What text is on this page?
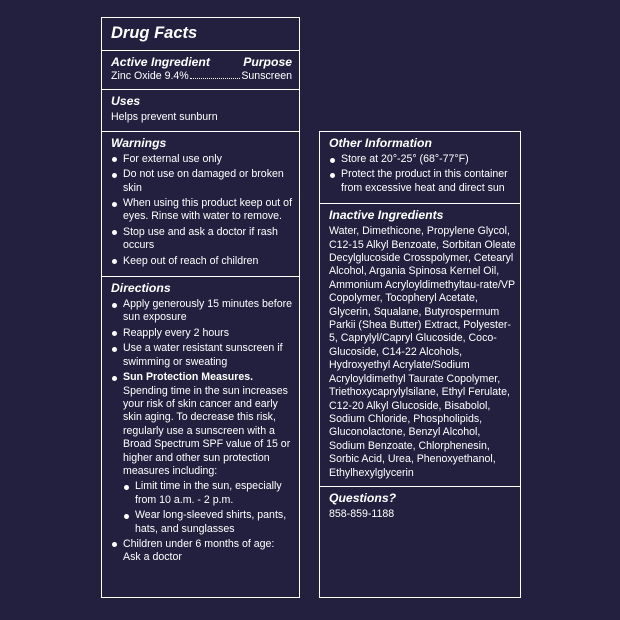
Drug Facts
Active Ingredient	Purpose
Zinc Oxide 9.4%	Sunscreen
Uses
Helps prevent sunburn
Warnings
For external use only
Do not use on damaged or broken skin
When using this product keep out of eyes. Rinse with water to remove.
Stop use and ask a doctor if rash occurs
Keep out of reach of children
Directions
Apply generously 15 minutes before sun exposure
Reapply every 2 hours
Use a water resistant sunscreen if swimming or sweating
Sun Protection Measures.
Spending time in the sun increases your risk of skin cancer and early skin aging. To decrease this risk, regularly use a sunscreen with a Broad Spectrum SPF value of 15 or higher and other sun protection measures including:
Limit time in the sun, especially from 10 a.m. - 2 p.m.
Wear long-sleeved shirts, pants, hats, and sunglasses
Children under 6 months of age: Ask a doctor
Other Information
Store at 20°-25° (68°-77°F)
Protect the product in this container from excessive heat and direct sun
Inactive Ingredients
Water, Dimethicone, Propylene Glycol, C12-15 Alkyl Benzoate, Sorbitan Oleate Decylglucoside Crosspolymer, Cetearyl Alcohol, Argania Spinosa Kernel Oil, Ammonium Acryloyldimethyltau-rate/VP Copolymer, Tocopheryl Acetate, Glycerin, Squalane, Butyrospermum Parkii (Shea Butter) Extract, Polyester-5, Caprylyl/Capryl Glucoside, Coco-Glucoside, C14-22 Alcohols, Hydroxyethyl Acrylate/Sodium Acryloyldimethyl Taurate Copolymer, Triethoxycaprylylsilane, Ethyl Ferulate, C12-20 Alkyl Glucoside, Bisabolol, Sodium Chloride, Phospholipids, Gluconolactone, Benzyl Alcohol, Sodium Benzoate, Chlorphenesin, Sorbic Acid, Urea, Phenoxyethanol, Ethylhexylglycerin
Questions?
858-859-1188
